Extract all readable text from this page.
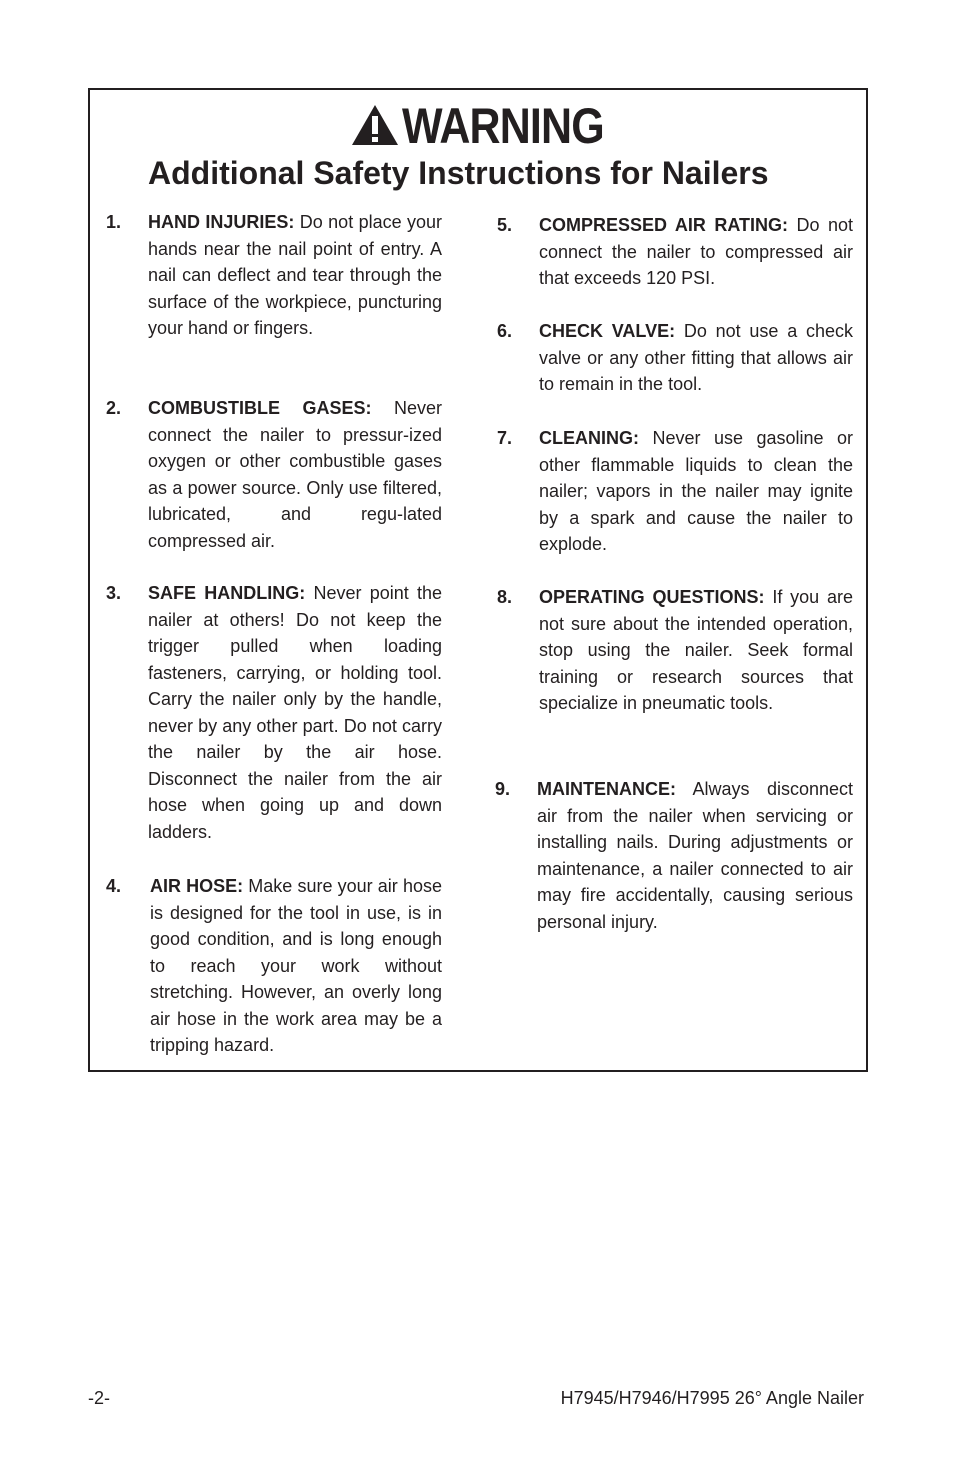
WARNING
Additional Safety Instructions for Nailers
1. HAND INJURIES: Do not place your hands near the nail point of entry. A nail can deflect and tear through the surface of the workpiece, puncturing your hand or fingers.
2. COMBUSTIBLE GASES: Never connect the nailer to pressur-ized oxygen or other combustible gases as a power source. Only use filtered, lubricated, and regu-lated compressed air.
3. SAFE HANDLING: Never point the nailer at others! Do not keep the trigger pulled when loading fasteners, carrying, or holding tool. Carry the nailer only by the handle, never by any other part. Do not carry the nailer by the air hose. Disconnect the nailer from the air hose when going up and down ladders.
4. AIR HOSE: Make sure your air hose is designed for the tool in use, is in good condition, and is long enough to reach your work without stretching. However, an overly long air hose in the work area may be a tripping hazard.
5. COMPRESSED AIR RATING: Do not connect the nailer to compressed air that exceeds 120 PSI.
6. CHECK VALVE: Do not use a check valve or any other fitting that allows air to remain in the tool.
7. CLEANING: Never use gasoline or other flammable liquids to clean the nailer; vapors in the nailer may ignite by a spark and cause the nailer to explode.
8. OPERATING QUESTIONS: If you are not sure about the intended operation, stop using the nailer. Seek formal training or research sources that specialize in pneumatic tools.
9. MAINTENANCE: Always disconnect air from the nailer when servicing or installing nails. During adjustments or maintenance, a nailer connected to air may fire accidentally, causing serious personal injury.
-2-	H7945/H7946/H7995 26° Angle Nailer
